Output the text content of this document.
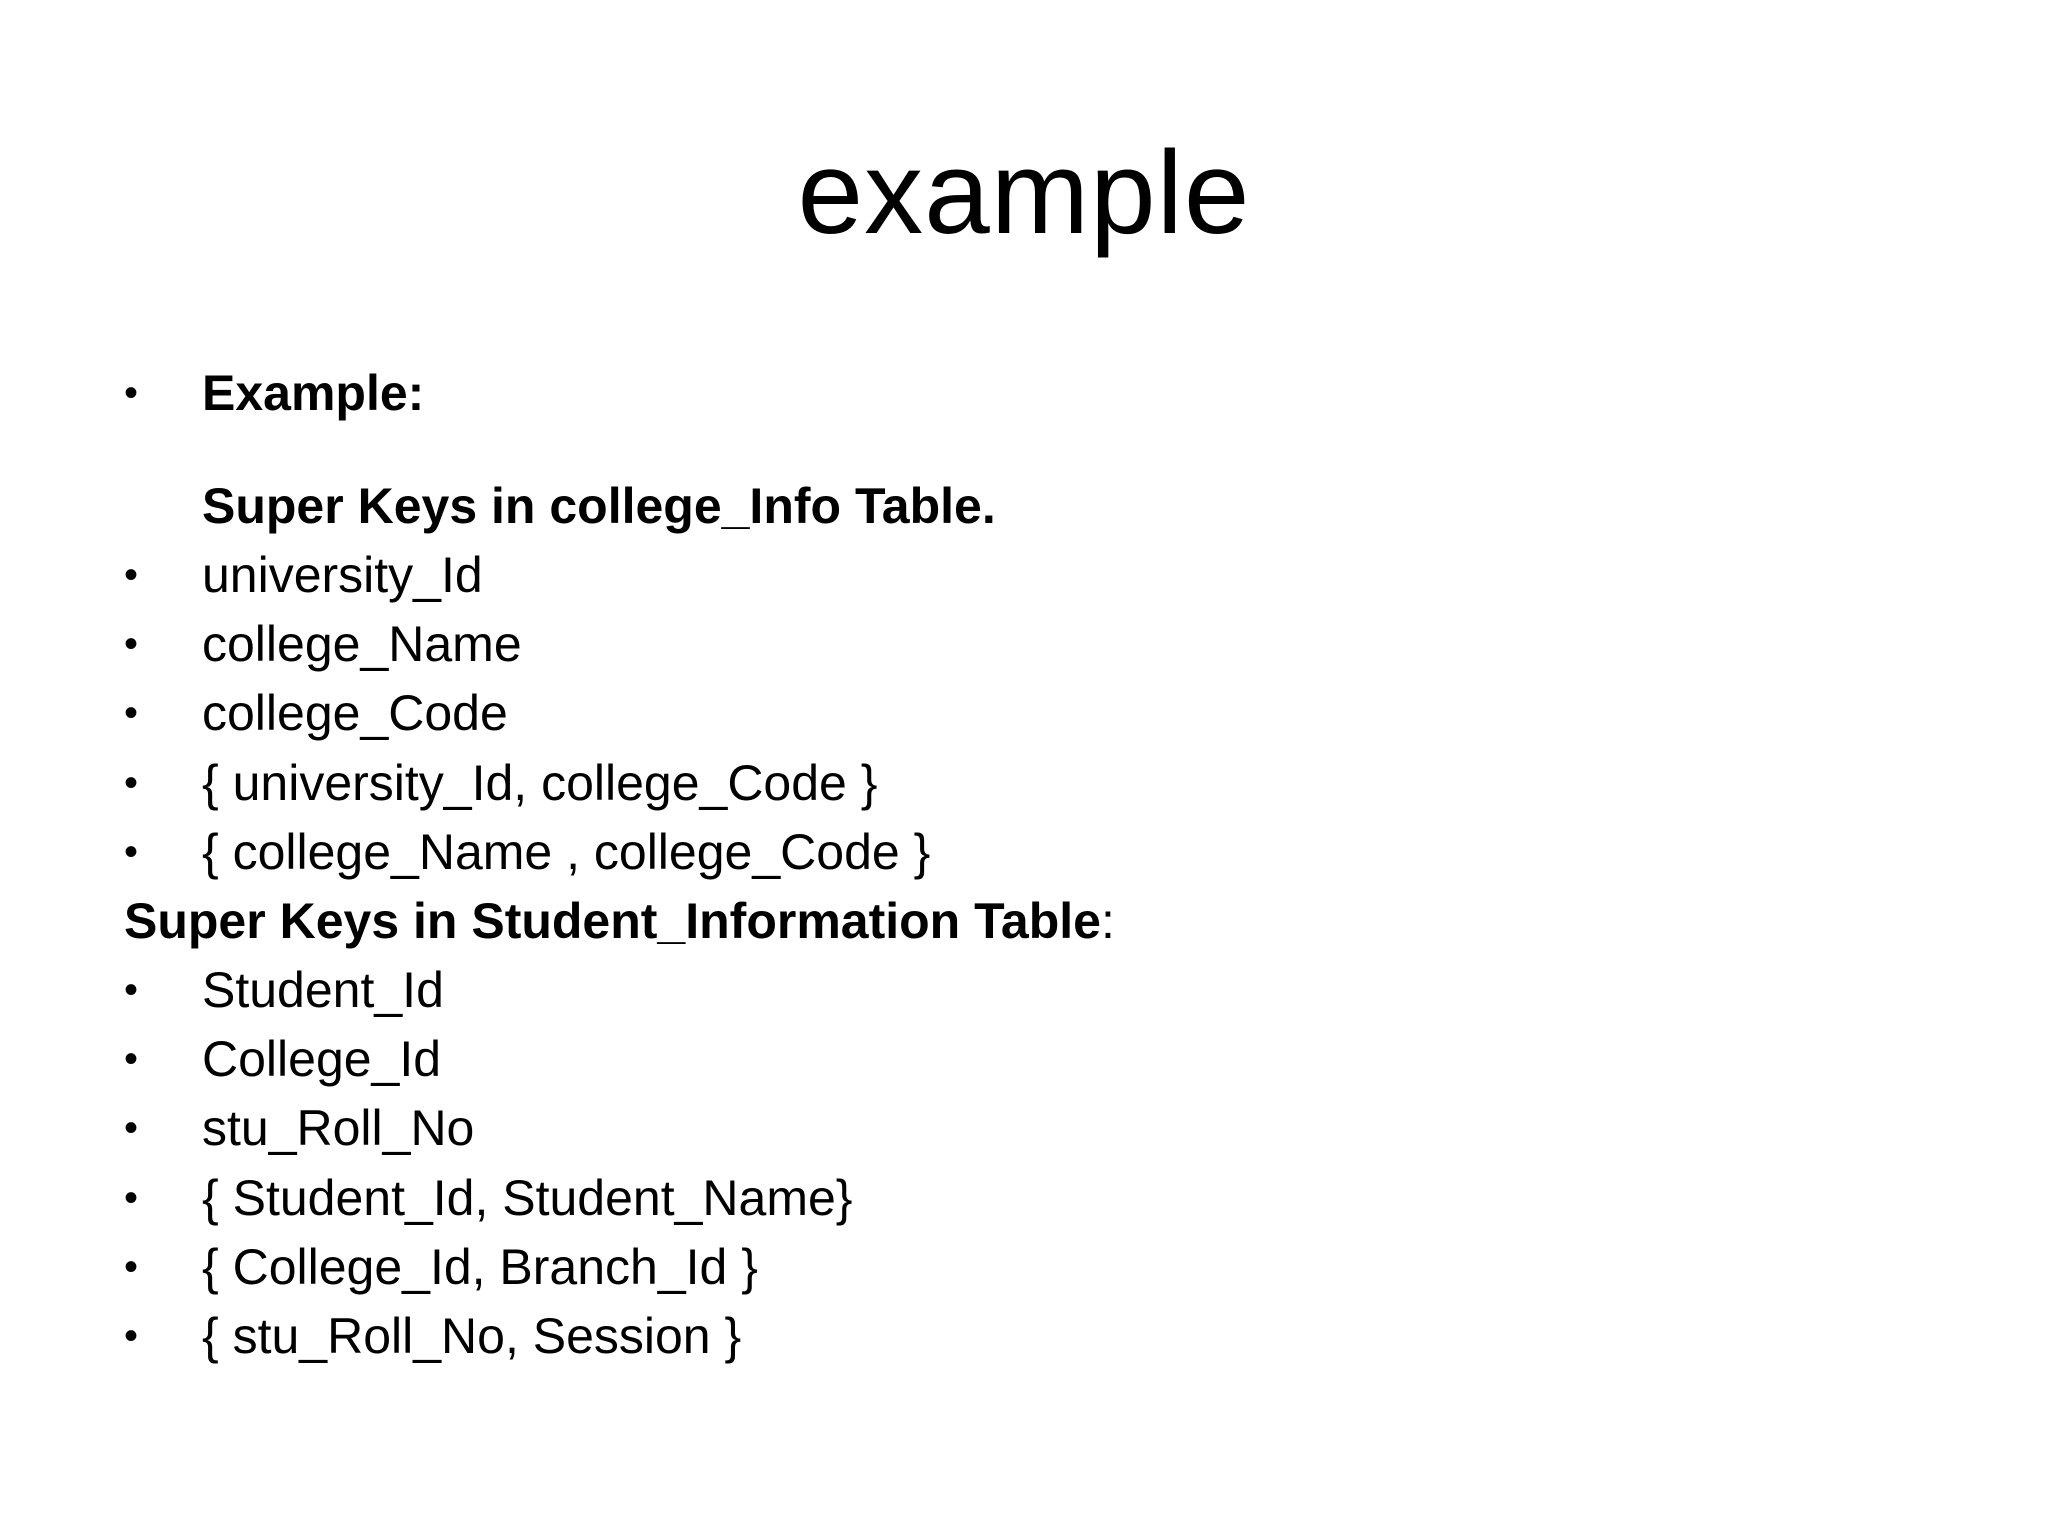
example
•	Example:
Super Keys in college_Info Table.
•	university_Id
•	college_Name
•	college_Code
•	{ university_Id, college_Code }
•	{ college_Name , college_Code }
Super Keys in Student_Information Table:
•	Student_Id
•	College_Id
•	stu_Roll_No
•	{ Student_Id, Student_Name}
•	{ College_Id, Branch_Id }
•	{ stu_Roll_No, Session }
